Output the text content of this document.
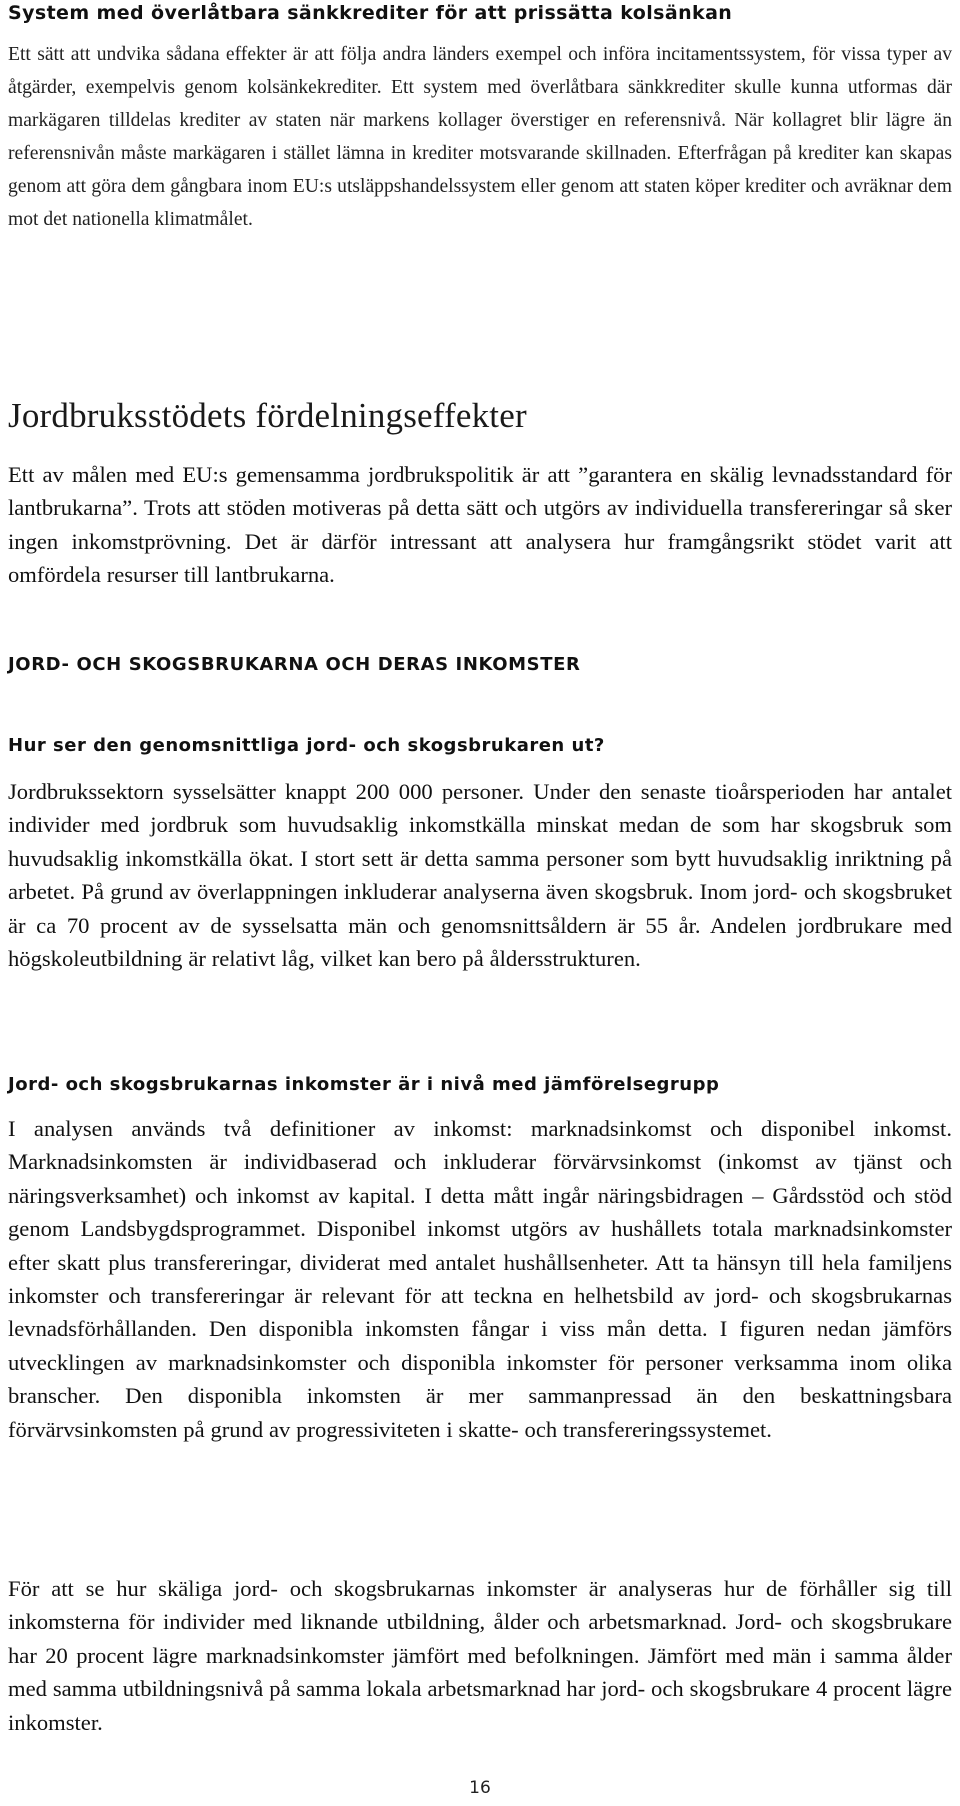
System med överlåtbara sänkkrediter för att prissätta kolsänkan

Ett sätt att undvika sådana effekter är att följa andra länders exempel och införa incitamentssystem, för vissa typer av åtgärder, exempelvis genom kolsänkekrediter. Ett system med överlåtbara sänkkrediter skulle kunna utformas där markägaren tilldelas krediter av staten när markens kollager överstiger en referensnivå. När kollagret blir lägre än referensnivån måste markägaren i stället lämna in krediter motsvarande skillnaden. Efterfrågan på krediter kan skapas genom att göra dem gångbara inom EU:s utsläppshandelssystem eller genom att staten köper krediter och avräknar dem mot det nationella klimatmålet.

Jordbruksstödets fördelningseffekter

Ett av målen med EU:s gemensamma jordbrukspolitik är att ”garantera en skälig levnadsstandard för lantbrukarna”. Trots att stöden motiveras på detta sätt och utgörs av individuella transfereringar så sker ingen inkomstprövning. Det är därför intressant att analysera hur framgångsrikt stödet varit att omfördela resurser till lantbrukarna.

JORD- OCH SKOGSBRUKARNA OCH DERAS INKOMSTER
Hur ser den genomsnittliga jord- och skogsbrukaren ut?

Jordbrukssektorn sysselsätter knappt 200 000 personer. Under den senaste tioårsperioden har antalet individer med jordbruk som huvudsaklig inkomstkälla minskat medan de som har skogsbruk som huvudsaklig inkomstkälla ökat. I stort sett är detta samma personer som bytt huvudsaklig inriktning på arbetet. På grund av överlappningen inkluderar analyserna även skogsbruk. Inom jord- och skogsbruket är ca 70 procent av de sysselsatta män och genomsnittsåldern är 55 år. Andelen jordbrukare med högskoleutbildning är relativt låg, vilket kan bero på åldersstrukturen.

Jord- och skogsbrukarnas inkomster är i nivå med jämförelsegrupp

I analysen används två definitioner av inkomst: marknadsinkomst och disponibel inkomst. Marknadsinkomsten är individbaserad och inkluderar förvärvsinkomst (inkomst av tjänst och näringsverksamhet) och inkomst av kapital. I detta mått ingår näringsbidragen – Gårdsstöd och stöd genom Landsbygdsprogrammet. Disponibel inkomst utgörs av hushållets totala marknadsinkomster efter skatt plus transfereringar, dividerat med antalet hushållsenheter. Att ta hänsyn till hela familjens inkomster och transfereringar är relevant för att teckna en helhetsbild av jord- och skogsbrukarnas levnadsförhållanden. Den disponibla inkomsten fångar i viss mån detta. I figuren nedan jämförs utvecklingen av marknadsinkomster och disponibla inkomster för personer verksamma inom olika branscher. Den disponibla inkomsten är mer sammanpressad än den beskattningsbara förvärvsinkomsten på grund av progressiviteten i skatte- och transfereringssystemet.

För att se hur skäliga jord- och skogsbrukarnas inkomster är analyseras hur de förhåller sig till inkomsterna för individer med liknande utbildning, ålder och arbetsmarknad. Jord- och skogsbrukare har 20 procent lägre marknadsinkomster jämfört med befolkningen. Jämfört med män i samma ålder med samma utbildningsnivå på samma lokala arbetsmarknad har jord- och skogsbrukare 4 procent lägre inkomster.

16
